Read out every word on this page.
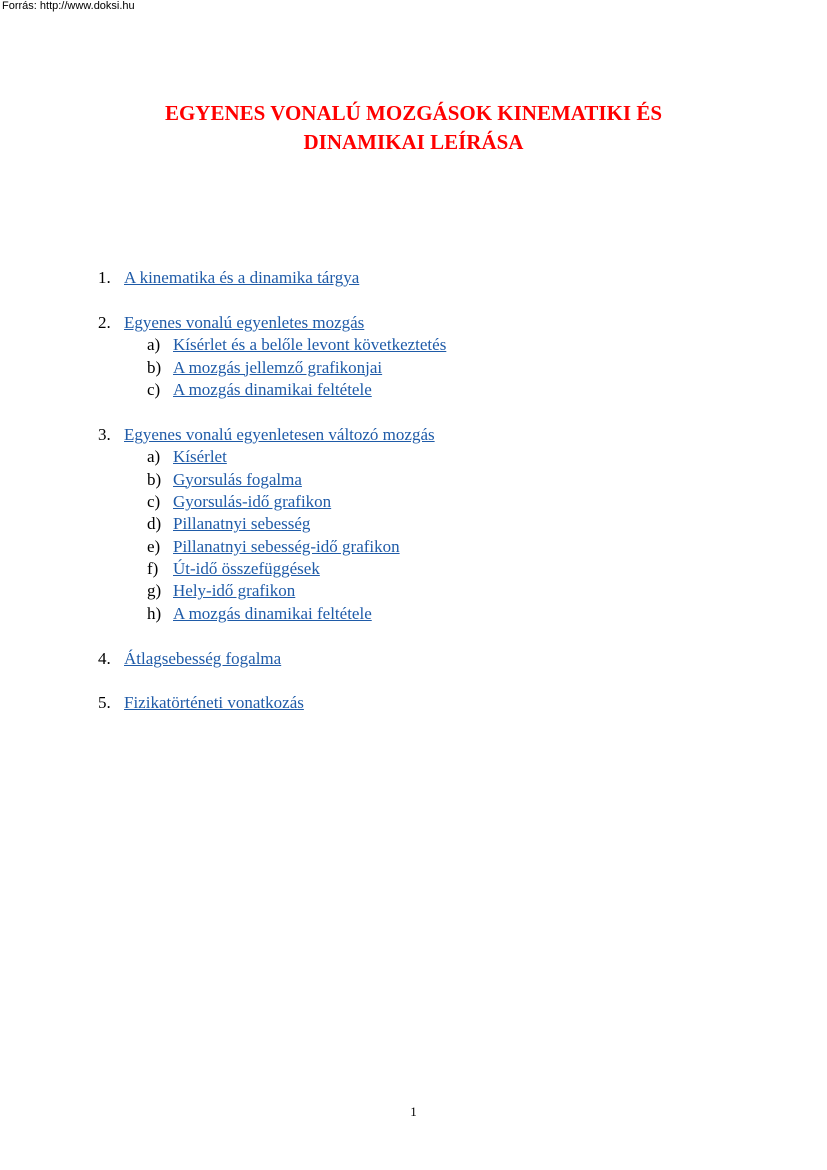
Forrás: http://www.doksi.hu
EGYENES VONALÚ MOZGÁSOK KINEMATIKI ÉS
DINAMIKAI LEÍRÁSA
1. A kinematika és a dinamika tárgya
2. Egyenes vonalú egyenletes mozgás
a) Kísérlet és a belőle levont következtetés
b) A mozgás jellemző grafikonjai
c) A mozgás dinamikai feltétele
3. Egyenes vonalú egyenletesen változó mozgás
a) Kísérlet
b) Gyorsulás fogalma
c) Gyorsulás-idő grafikon
d) Pillanatnyi sebesség
e) Pillanatnyi sebesség-idő grafikon
f) Út-idő összefüggések
g) Hely-idő grafikon
h) A mozgás dinamikai feltétele
4. Átlagsebesség fogalma
5. Fizikatörténeti vonatkozás
1
